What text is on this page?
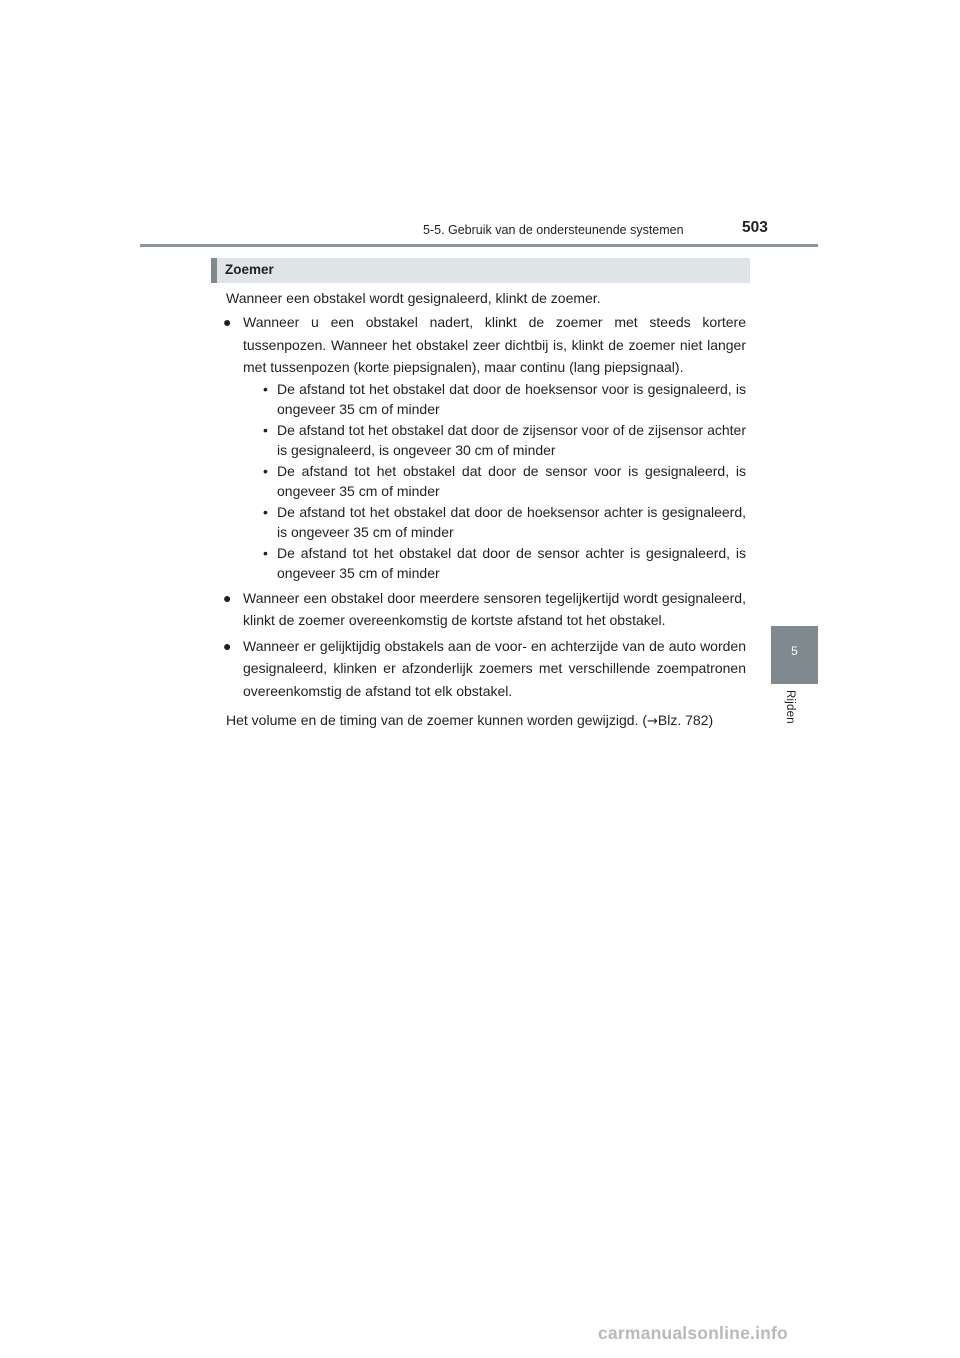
5-5. Gebruik van de ondersteunende systemen	503
5
Rijden
Zoemer

Wanneer een obstakel wordt gesignaleerd, klinkt de zoemer.

● Wanneer u een obstakel nadert, klinkt de zoemer met steeds kortere tussenpozen. Wanneer het obstakel zeer dichtbij is, klinkt de zoemer niet langer met tussenpozen (korte piepsignalen), maar continu (lang piepsignaal).
• De afstand tot het obstakel dat door de hoeksensor voor is gesignaleerd, is ongeveer 35 cm of minder
• De afstand tot het obstakel dat door de zijsensor voor of de zijsensor achter is gesignaleerd, is ongeveer 30 cm of minder
• De afstand tot het obstakel dat door de sensor voor is gesignaleerd, is ongeveer 35 cm of minder
• De afstand tot het obstakel dat door de hoeksensor achter is gesignaleerd, is ongeveer 35 cm of minder
• De afstand tot het obstakel dat door de sensor achter is gesignaleerd, is ongeveer 35 cm of minder
● Wanneer een obstakel door meerdere sensoren tegelijkertijd wordt gesignaleerd, klinkt de zoemer overeenkomstig de kortste afstand tot het obstakel.
● Wanneer er gelijktijdig obstakels aan de voor- en achterzijde van de auto worden gesignaleerd, klinken er afzonderlijk zoemers met verschillende zoempatronen overeenkomstig de afstand tot elk obstakel.

Het volume en de timing van de zoemer kunnen worden gewijzigd. (→Blz. 782)

carmanualsonline.info
